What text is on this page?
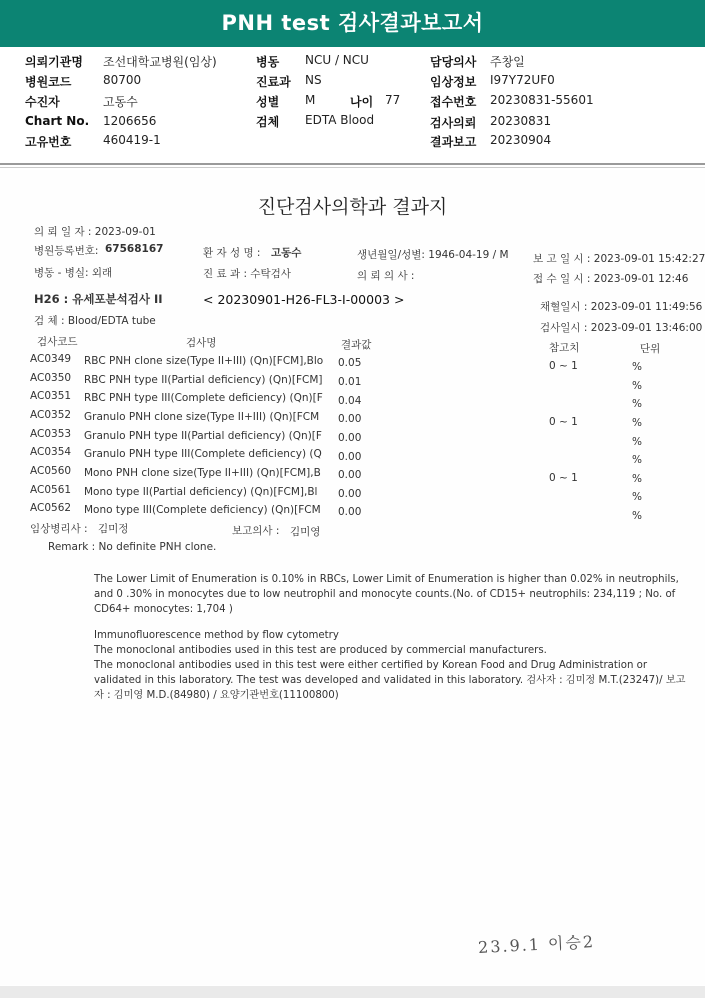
PNH test 검사결과보고서
의뢰기관명 조선대학교병원(임상)
병원코드	80700
수진자	고동수
Chart No. 1206656
고유번호	460419-1
병동 NCU / NCU
진료과 NS
성별 M	나이 77
검체 EDTA Blood
담당의사 주창일
임상정보 I97Y72UF0
접수번호 20230831-55601
검사의뢰 20230831
결과보고 20230904
진단검사의학과 결과지
의 뢰 일 자 : 2023-09-01
병원등록번호: 67568167	환 자 성 명 : 고동수	생년월일/성별: 1946-04-19 / M 보 고 일 시 : 2023-09-01 15:42:27
병동 - 병실: 외래	진 료 과 : 수탁검사	의 뢰 의 사 :	접 수 일 시 : 2023-09-01 12:46
H26 : 유세포분석검사 II	< 20230901-H26-FL3-I-00003 >	채혈일시 : 2023-09-01 11:49:56
검 체 : Blood/EDTA tube
검사일시 : 2023-09-01 13:46:00
검사코드	검사명	결과값	참고치	단위
AC0349 RBC PNH clone size(Type II+III) (Qn)[FCM],Blo 0.05	0 ~ 1	%
AC0350 RBC PNH type II(Partial deficiency) (Qn)[FCM] 0.01	%
AC0351 RBC PNH type III(Complete deficiency) (Qn)[F 0.04	%
AC0352 Granulo PNH clone size(Type II+III) (Qn)[FCM 0.00	0 ~ 1	%
AC0353 Granulo PNH type II(Partial deficiency) (Qn)[F 0.00	%
AC0354 Granulo PNH type III(Complete deficiency) (Q 0.00	%
AC0560 Mono PNH clone size(Type II+III) (Qn)[FCM],B 0.00	0 ~ 1	%
AC0561 Mono type II(Partial deficiency) (Qn)[FCM],Bl 0.00	%
AC0562 Mono type III(Complete deficiency) (Qn)[FCM 0.00	%
임상병리사 : 김미정	보고의사 : 김미영
Remark : No definite PNH clone.
The Lower Limit of Enumeration is 0.10% in RBCs, Lower Limit of Enumeration is higher than 0.02% in neutrophils, and 0 .30% in monocytes due to low neutrophil and monocyte counts.(No. of CD15+ neutrophils: 234,119 ; No. of CD64+ monocytes: 1,704 )
Immunofluorescence method by flow cytometry
The monoclonal antibodies used in this test are produced by commercial manufacturers.
The monoclonal antibodies used in this test were either certified by Korean Food and Drug Administration or validated in this laboratory. The test was developed and validated in this laboratory. 검사자 : 김미정 M.T.(23247)/ 보고자 : 김미영 M.D.(84980) / 요양기관번호(11100800)
23.9.1 이승2
